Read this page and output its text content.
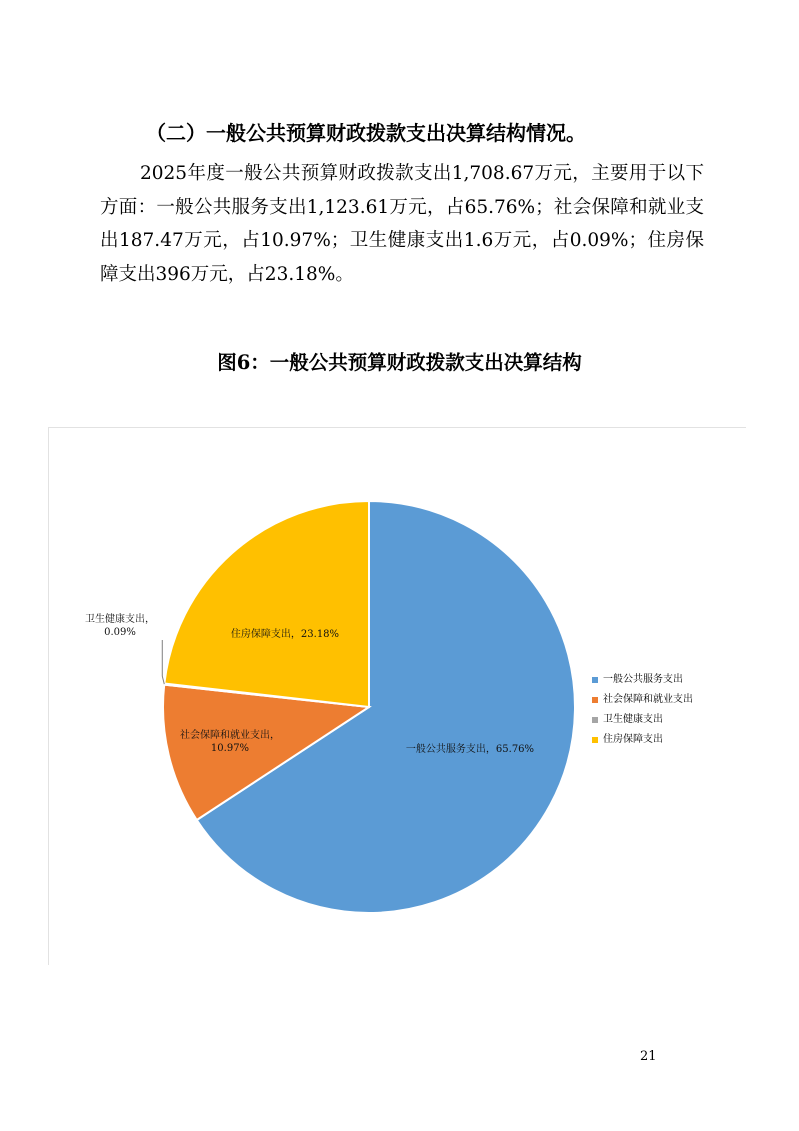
（二）一般公共预算财政拨款支出决算结构情况。
2025年度一般公共预算财政拨款支出1,708.67万元，主要用于以下方面：一般公共服务支出1,123.61万元，占65.76%；社会保障和就业支出187.47万元，占10.97%；卫生健康支出1.6万元，占0.09%；住房保障支出396万元，占23.18%。
图6：一般公共预算财政拨款支出决算结构
一般公共服务支出，65.76%
社会保障和就业支出， 10.97%
卫生健康支出， 0.09%	住房保障支出，23.18%
一般公共服务支出
社会保障和就业支出
卫生健康支出
住房保障支出
21
